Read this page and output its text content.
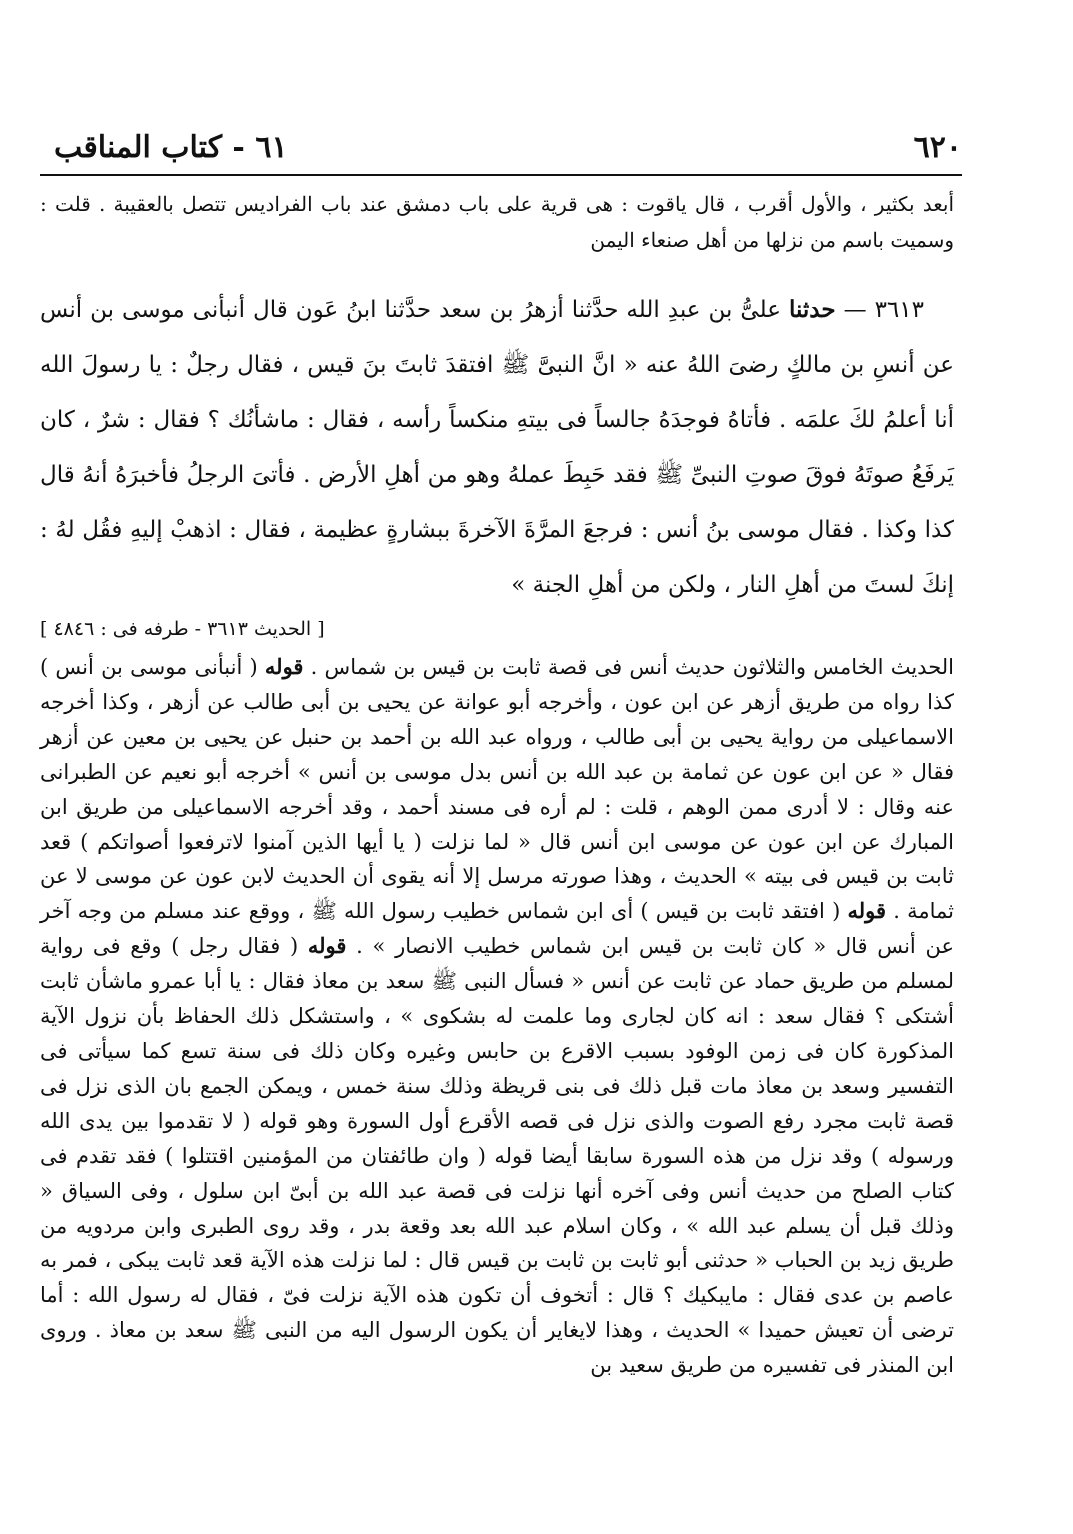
٦٢٠
٦١ - كتاب المناقب

أبعد بكثير ، والأول أقرب ، قال ياقوت : هى قرية على باب دمشق عند باب الفراديس تتصل بالعقيبة . قلت : وسميت باسم من نزلها من أهل صنعاء اليمن

٣٦١٣ — حدثنا علىُّ بن عبدِ الله حدَّثنا أزهرُ بن سعد حدَّثنا ابنُ عَون قال أنبأنى موسى بن أنس عن أنسِ بن مالكٍ رضىَ اللهُ عنه « انَّ النبىَّ ﷺ افتقدَ ثابتَ بنَ قيس ، فقال رجلٌ : يا رسولَ الله أنا أعلمُ لكَ علمَه . فأتاهُ فوجدَهُ جالساً فى بيتهِ منكساً رأسه ، فقال : ماشأنُك ؟ فقال : شرٌ ، كان يَرفَعُ صوتَهُ فوقَ صوتِ النبىِّ ﷺ فقد حَبِطَ عملهُ وهو من أهلِ الأرض . فأتىَ الرجلُ فأخبرَهُ أنهُ قال كذا وكذا . فقال موسى بنُ أنس : فرجعَ المرَّةَ الآخرةَ ببشارةٍ عظيمة ، فقال : اذهبْ إليهِ فقُل لهُ : إنكَ لستَ من أهلِ النار ، ولكن من أهلِ الجنة »

[ الحديث ٣٦١٣ - طرفه فى : ٤٨٤٦ ]

الحديث الخامس والثلاثون حديث أنس فى قصة ثابت بن قيس بن شماس . قوله ( أنبأنى موسى بن أنس ) كذا رواه من طريق أزهر عن ابن عون ، وأخرجه أبو عوانة عن يحيى بن أبى طالب عن أزهر ، وكذا أخرجه الاسماعيلى من رواية يحيى بن أبى طالب ، ورواه عبد الله بن أحمد بن حنبل عن يحيى بن معين عن أزهر فقال « عن ابن عون عن ثمامة بن عبد الله بن أنس بدل موسى بن أنس » أخرجه أبو نعيم عن الطبرانى عنه وقال : لا أدرى ممن الوهم ، قلت : لم أره فى مسند أحمد ، وقد أخرجه الاسماعيلى من طريق ابن المبارك عن ابن عون عن موسى ابن أنس قال « لما نزلت ( يا أيها الذين آمنوا لاترفعوا أصواتكم ) قعد ثابت بن قيس فى بيته » الحديث ، وهذا صورته مرسل إلا أنه يقوى أن الحديث لابن عون عن موسى لا عن ثمامة . قوله ( افتقد ثابت بن قيس ) أى ابن شماس خطيب رسول الله ﷺ ، ووقع عند مسلم من وجه آخر عن أنس قال « كان ثابت بن قيس ابن شماس خطيب الانصار » . قوله ( فقال رجل ) وقع فى رواية لمسلم من طريق حماد عن ثابت عن أنس « فسأل النبى ﷺ سعد بن معاذ فقال : يا أبا عمرو ماشأن ثابت أشتكى ؟ فقال سعد : انه كان لجارى وما علمت له بشكوى » ، واستشكل ذلك الحفاظ بأن نزول الآية المذكورة كان فى زمن الوفود بسبب الاقرع بن حابس وغيره وكان ذلك فى سنة تسع كما سيأتى فى التفسير وسعد بن معاذ مات قبل ذلك فى بنى قريظة وذلك سنة خمس ، ويمكن الجمع بان الذى نزل فى قصة ثابت مجرد رفع الصوت والذى نزل فى قصه الأقرع أول السورة وهو قوله ( لا تقدموا بين يدى الله ورسوله ) وقد نزل من هذه السورة سابقا أيضا قوله ( وان طائفتان من المؤمنين اقتتلوا ) فقد تقدم فى كتاب الصلح من حديث أنس وفى آخره أنها نزلت فى قصة عبد الله بن أبىّ ابن سلول ، وفى السياق « وذلك قبل أن يسلم عبد الله » ، وكان اسلام عبد الله بعد وقعة بدر ، وقد روى الطبرى وابن مردويه من طريق زيد بن الحباب « حدثنى أبو ثابت بن ثابت بن قيس قال : لما نزلت هذه الآية قعد ثابت يبكى ، فمر به عاصم بن عدى فقال : مايبكيك ؟ قال : أتخوف أن تكون هذه الآية نزلت فىّ ، فقال له رسول الله : أما ترضى أن تعيش حميدا » الحديث ، وهذا لايغاير أن يكون الرسول اليه من النبى ﷺ سعد بن معاذ . وروى ابن المنذر فى تفسيره من طريق سعيد بن
